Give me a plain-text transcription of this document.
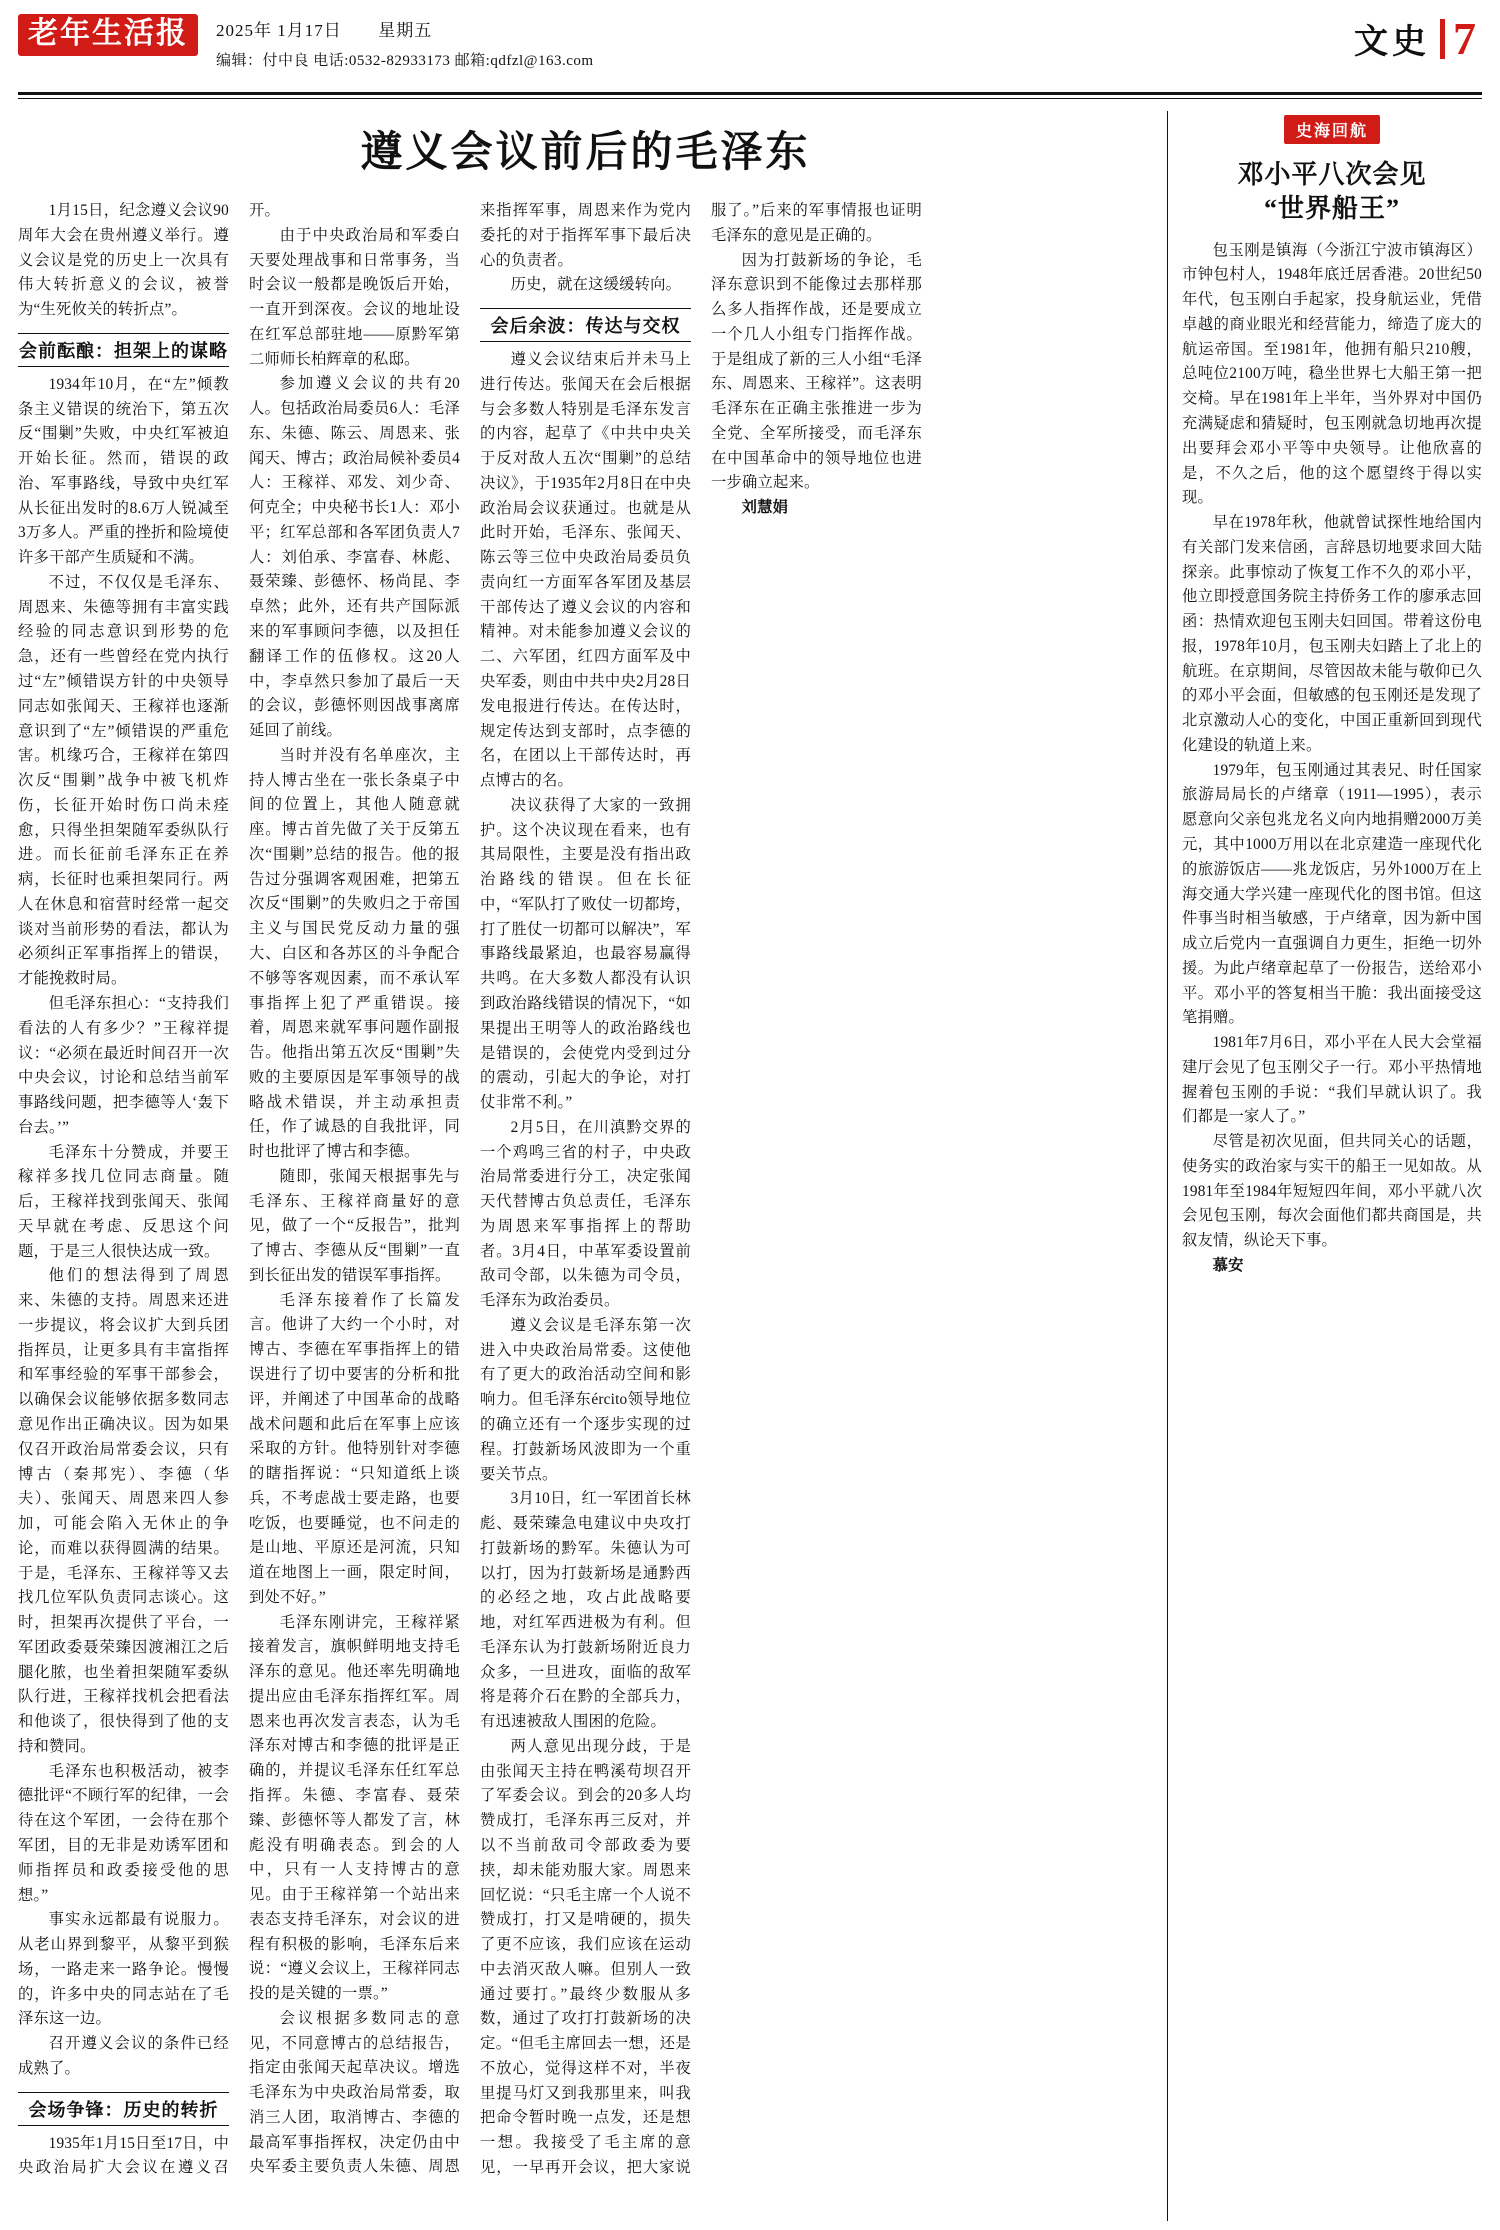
老年生活报	2025年 1月17日 星期五
编辑：付中良 电话:0532-82933173 邮箱:qdfzl@163.com	文史 7
遵义会议前后的毛泽东

1月15日，纪念遵义会议90周年大会在贵州遵义举行。遵义会议是党的历史上一次具有伟大转折意义的会议，被誉为“生死攸关的转折点”。

会前酝酿：担架上的谋略

1934年10月，在“左”倾教条主义错误的统治下，第五次反“围剿”失败，中央红军被迫开始长征。然而，错误的政治、军事路线，导致中央红军从长征出发时的8.6万人锐减至3万多人。严重的挫折和险境使许多干部产生质疑和不满。

不过，不仅仅是毛泽东、周恩来、朱德等拥有丰富实践经验的同志意识到形势的危急，还有一些曾经在党内执行过“左”倾错误方针的中央领导同志如张闻天、王稼祥也逐渐意识到了“左”倾错误的严重危害。机缘巧合，王稼祥在第四次反“围剿”战争中被飞机炸伤，长征开始时伤口尚未痊愈，只得坐担架随军委纵队行进。而长征前毛泽东正在养病，长征时也乘担架同行。两人在休息和宿营时经常一起交谈对当前形势的看法，都认为必须纠正军事指挥上的错误，才能挽救时局。

但毛泽东担心：“支持我们看法的人有多少？”王稼祥提议：“必须在最近时间召开一次中央会议，讨论和总结当前军事路线问题，把李德等人‘轰下台去。’”

毛泽东十分赞成，并要王稼祥多找几位同志商量。随后，王稼祥找到张闻天、张闻天早就在考虑、反思这个问题，于是三人很快达成一致。

他们的想法得到了周恩来、朱德的支持。周恩来还进一步提议，将会议扩大到兵团指挥员，让更多具有丰富指挥和军事经验的军事干部参会，以确保会议能够依据多数同志意见作出正确决议。因为如果仅召开政治局常委会议，只有博古（秦邦宪）、李德（华夫）、张闻天、周恩来四人参加，可能会陷入无休止的争论，而难以获得圆满的结果。于是，毛泽东、王稼祥等又去找几位军队负责同志谈心。这时，担架再次提供了平台，一军团政委聂荣臻因渡湘江之后腿化脓，也坐着担架随军委纵队行进，王稼祥找机会把看法和他谈了，很快得到了他的支持和赞同。

毛泽东也积极活动，被李德批评“不顾行军的纪律，一会待在这个军团，一会待在那个军团，目的无非是劝诱军团和师指挥员和政委接受他的思想。”

事实永远都最有说服力。从老山界到黎平，从黎平到猴场，一路走来一路争论。慢慢的，许多中央的同志站在了毛泽东这一边。

召开遵义会议的条件已经成熟了。

会场争锋：历史的转折

1935年1月15日至17日，中央政治局扩大会议在遵义召开。

由于中央政治局和军委白天要处理战事和日常事务，当时会议一般都是晚饭后开始，一直开到深夜。会议的地址设在红军总部驻地——原黔军第二师师长柏辉章的私邸。

参加遵义会议的共有20人。包括政治局委员6人：毛泽东、朱德、陈云、周恩来、张闻天、博古；政治局候补委员4人：王稼祥、邓发、刘少奇、何克全；中央秘书长1人：邓小平；红军总部和各军团负责人7人：刘伯承、李富春、林彪、聂荣臻、彭德怀、杨尚昆、李卓然；此外，还有共产国际派来的军事顾问李德，以及担任翻译工作的伍修权。这20人中，李卓然只参加了最后一天的会议，彭德怀则因战事离席延回了前线。

当时并没有名单座次，主持人博古坐在一张长条桌子中间的位置上，其他人随意就座。博古首先做了关于反第五次“围剿”总结的报告。他的报告过分强调客观困难，把第五次反“围剿”的失败归之于帝国主义与国民党反动力量的强大、白区和各苏区的斗争配合不够等客观因素，而不承认军事指挥上犯了严重错误。接着，周恩来就军事问题作副报告。他指出第五次反“围剿”失败的主要原因是军事领导的战略战术错误，并主动承担责任，作了诚恳的自我批评，同时也批评了博古和李德。

随即，张闻天根据事先与毛泽东、王稼祥商量好的意见，做了一个“反报告”，批判了博古、李德从反“围剿”一直到长征出发的错误军事指挥。

毛泽东接着作了长篇发言。他讲了大约一个小时，对博古、李德在军事指挥上的错误进行了切中要害的分析和批评，并阐述了中国革命的战略战术问题和此后在军事上应该采取的方针。他特别针对李德的瞎指挥说：“只知道纸上谈兵，不考虑战士要走路，也要吃饭，也要睡觉，也不问走的是山地、平原还是河流，只知道在地图上一画，限定时间，到处不好。”

毛泽东刚讲完，王稼祥紧接着发言，旗帜鲜明地支持毛泽东的意见。他还率先明确地提出应由毛泽东指挥红军。周恩来也再次发言表态，认为毛泽东对博古和李德的批评是正确的，并提议毛泽东任红军总指挥。朱德、李富春、聂荣臻、彭德怀等人都发了言，林彪没有明确表态。到会的人中，只有一人支持博古的意见。由于王稼祥第一个站出来表态支持毛泽东，对会议的进程有积极的影响，毛泽东后来说：“遵义会议上，王稼祥同志投的是关键的一票。”

会议根据多数同志的意见，不同意博古的总结报告，指定由张闻天起草决议。增选毛泽东为中央政治局常委，取消三人团，取消博古、李德的最高军事指挥权，决定仍由中央军委主要负责人朱德、周恩来指挥军事，周恩来作为党内委托的对于指挥军事下最后决心的负责者。

历史，就在这缓缓转向。

会后余波：传达与交权

遵义会议结束后并未马上进行传达。张闻天在会后根据与会多数人特别是毛泽东发言的内容，起草了《中共中央关于反对敌人五次“围剿”的总结决议》，于1935年2月8日在中央政治局会议获通过。也就是从此时开始，毛泽东、张闻天、陈云等三位中央政治局委员负责向红一方面军各军团及基层干部传达了遵义会议的内容和精神。对未能参加遵义会议的二、六军团，红四方面军及中央军委，则由中共中央2月28日发电报进行传达。在传达时，规定传达到支部时，点李德的名，在团以上干部传达时，再点博古的名。

决议获得了大家的一致拥护。这个决议现在看来，也有其局限性，主要是没有指出政治路线的错误。但在长征中，“军队打了败仗一切都垮，打了胜仗一切都可以解决”，军事路线最紧迫，也最容易赢得共鸣。在大多数人都没有认识到政治路线错误的情况下，“如果提出王明等人的政治路线也是错误的，会使党内受到过分的震动，引起大的争论，对打仗非常不利。”

2月5日，在川滇黔交界的一个鸡鸣三省的村子，中央政治局常委进行分工，决定张闻天代替博古负总责任，毛泽东为周恩来军事指挥上的帮助者。3月4日，中革军委设置前敌司令部，以朱德为司令员，毛泽东为政治委员。

遵义会议是毛泽东第一次进入中央政治局常委。这使他有了更大的政治活动空间和影响力。但毛泽东ército领导地位的确立还有一个逐步实现的过程。打鼓新场风波即为一个重要关节点。

3月10日，红一军团首长林彪、聂荣臻急电建议中央攻打打鼓新场的黔军。朱德认为可以打，因为打鼓新场是通黔西的必经之地，攻占此战略要地，对红军西进极为有利。但毛泽东认为打鼓新场附近良力众多，一旦进攻，面临的敌军将是蒋介石在黔的全部兵力，有迅速被敌人围困的危险。

两人意见出现分歧，于是由张闻天主持在鸭溪苟坝召开了军委会议。到会的20多人均赞成打，毛泽东再三反对，并以不当前敌司令部政委为要挟，却未能劝服大家。周恩来回忆说：“只毛主席一个人说不赞成打，打又是啃硬的，损失了更不应该，我们应该在运动中去消灭敌人嘛。但别人一致通过要打。”最终少数服从多数，通过了攻打打鼓新场的决定。“但毛主席回去一想，还是不放心，觉得这样不对，半夜里提马灯又到我那里来，叫我把命令暂时晚一点发，还是想一想。我接受了毛主席的意见，一早再开会议，把大家说服了。”后来的军事情报也证明毛泽东的意见是正确的。

因为打鼓新场的争论，毛泽东意识到不能像过去那样那么多人指挥作战，还是要成立一个几人小组专门指挥作战。于是组成了新的三人小组“毛泽东、周恩来、王稼祥”。这表明毛泽东在正确主张推进一步为全党、全军所接受，而毛泽东在中国革命中的领导地位也进一步确立起来。

刘慧娟

史海回航
邓小平八次会见
“世界船王”

包玉刚是镇海（今浙江宁波市镇海区）市钟包村人，1948年底迁居香港。20世纪50年代，包玉刚白手起家，投身航运业，凭借卓越的商业眼光和经营能力，缔造了庞大的航运帝国。至1981年，他拥有船只210艘，总吨位2100万吨，稳坐世界七大船王第一把交椅。早在1981年上半年，当外界对中国仍充满疑虑和猜疑时，包玉刚就急切地再次提出要拜会邓小平等中央领导。让他欣喜的是，不久之后，他的这个愿望终于得以实现。

早在1978年秋，他就曾试探性地给国内有关部门发来信函，言辞恳切地要求回大陆探亲。此事惊动了恢复工作不久的邓小平，他立即授意国务院主持侨务工作的廖承志回函：热情欢迎包玉刚夫妇回国。带着这份电报，1978年10月，包玉刚夫妇踏上了北上的航班。在京期间，尽管因故未能与敬仰已久的邓小平会面，但敏感的包玉刚还是发现了北京激动人心的变化，中国正重新回到现代化建设的轨道上来。

1979年，包玉刚通过其表兄、时任国家旅游局局长的卢绪章（1911—1995），表示愿意向父亲包兆龙名义向内地捐赠2000万美元，其中1000万用以在北京建造一座现代化的旅游饭店——兆龙饭店，另外1000万在上海交通大学兴建一座现代化的图书馆。但这件事当时相当敏感，于卢绪章，因为新中国成立后党内一直强调自力更生，拒绝一切外援。为此卢绪章起草了一份报告，送给邓小平。邓小平的答复相当干脆：我出面接受这笔捐赠。

1981年7月6日，邓小平在人民大会堂福建厅会见了包玉刚父子一行。邓小平热情地握着包玉刚的手说：“我们早就认识了。我们都是一家人了。”

尽管是初次见面，但共同关心的话题，使务实的政治家与实干的船王一见如故。从1981年至1984年短短四年间，邓小平就八次会见包玉刚，每次会面他们都共商国是，共叙友情，纵论天下事。

慕安
